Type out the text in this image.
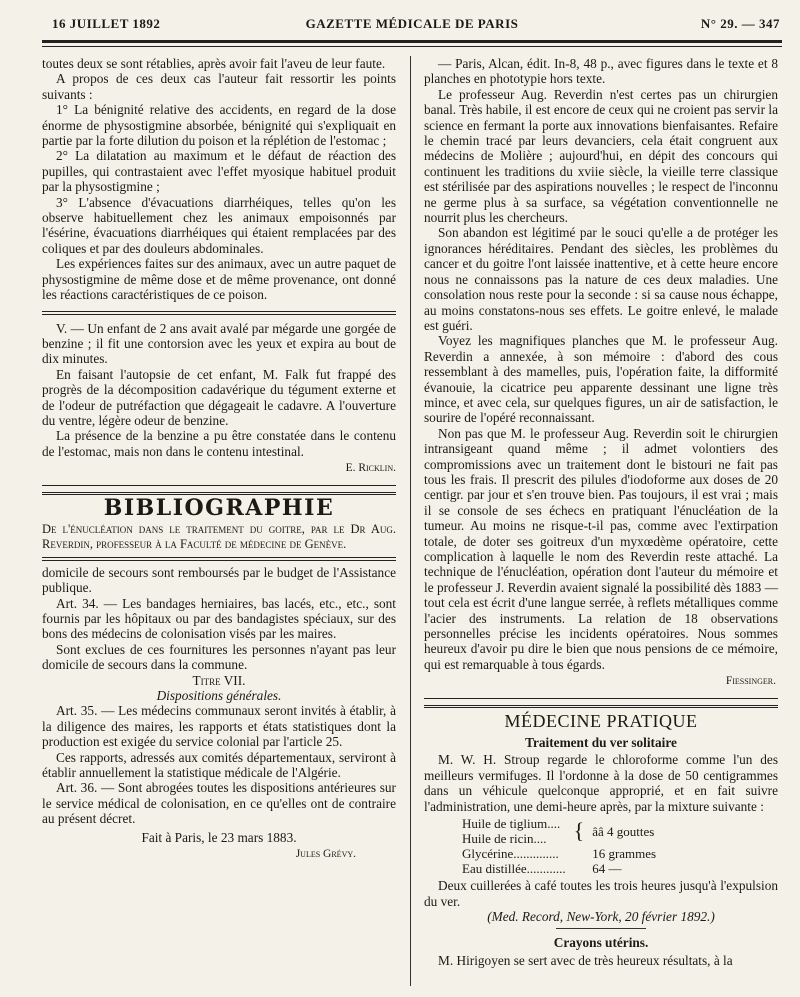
16 JUILLET 1892	GAZETTE MÉDICALE DE PARIS	N° 29. — 347

toutes deux se sont rétablies, après avoir fait l'aveu de leur faute.

A propos de ces deux cas l'auteur fait ressortir les points suivants :

1° La bénignité relative des accidents, en regard de la dose énorme de physostigmine absorbée, bénignité qui s'expliquait en partie par la forte dilution du poison et la réplétion de l'estomac ;

2° La dilatation au maximum et le défaut de réaction des pupilles, qui contrastaient avec l'effet myosique habituel produit par la physostigmine ;

3° L'absence d'évacuations diarrhéiques, telles qu'on les observe habituellement chez les animaux empoisonnés par l'ésérine, évacuations diarrhéiques qui étaient remplacées par des coliques et par des douleurs abdominales.

Les expériences faites sur des animaux, avec un autre paquet de physostigmine de même dose et de même provenance, ont donné les réactions caractéristiques de ce poison.

V. — Un enfant de 2 ans avait avalé par mégarde une gorgée de benzine ; il fit une contorsion avec les yeux et expira au bout de dix minutes.

En faisant l'autopsie de cet enfant, M. Falk fut frappé des progrès de la décomposition cadavérique du tégument externe et de l'odeur de putréfaction que dégageait le cadavre. A l'ouverture du ventre, légère odeur de benzine.

La présence de la benzine a pu être constatée dans le contenu de l'estomac, mais non dans le contenu intestinal.

E. Ricklin.
BIBLIOGRAPHIE

De l'énucléation dans le traitement du goitre, par le Dr Aug. Reverdin, professeur à la Faculté de médecine de Genève.

domicile de secours sont remboursés par le budget de l'Assistance publique.

Art. 34. — Les bandages herniaires, bas lacés, etc., etc., sont fournis par les hôpitaux ou par des bandagistes spéciaux, sur des bons des médecins de colonisation visés par les maires.

Sont exclues de ces fournitures les personnes n'ayant pas leur domicile de secours dans la commune.

Titre VII.

Dispositions générales.

Art. 35. — Les médecins communaux seront invités à établir, à la diligence des maires, les rapports et états statistiques dont la production est exigée du service colonial par l'article 25.

Ces rapports, adressés aux comités départementaux, serviront à établir annuellement la statistique médicale de l'Algérie.

Art. 36. — Sont abrogées toutes les dispositions antérieures sur le service médical de colonisation, en ce qu'elles ont de contraire au présent décret.

Fait à Paris, le 23 mars 1883.

Jules Grévy.

— Paris, Alcan, édit. In-8, 48 p., avec figures dans le texte et 8 planches en phototypie hors texte.

Le professeur Aug. Reverdin n'est certes pas un chirurgien banal. Très habile, il est encore de ceux qui ne croient pas servir la science en fermant la porte aux innovations bienfaisantes. Refaire le chemin tracé par leurs devanciers, cela était congruent aux médecins de Molière ; aujourd'hui, en dépit des concours qui continuent les traditions du xviie siècle, la vieille terre classique est stérilisée par des aspirations nouvelles ; le respect de l'inconnu ne germe plus à sa surface, sa végétation conventionnelle ne nourrit plus les chercheurs.

Son abandon est légitimé par le souci qu'elle a de protéger les ignorances héréditaires. Pendant des siècles, les problèmes du cancer et du goitre l'ont laissée inattentive, et à cette heure encore nous ne connaissons pas la nature de ces deux maladies. Une consolation nous reste pour la seconde : si sa cause nous échappe, au moins constatons-nous ses effets. Le goitre enlevé, le malade est guéri.

Voyez les magnifiques planches que M. le professeur Aug. Reverdin a annexée, à son mémoire : d'abord des cous ressemblant à des mamelles, puis, l'opération faite, la difformité évanouie, la cicatrice peu apparente dessinant une ligne très mince, et avec cela, sur quelques figures, un air de satisfaction, le sourire de l'opéré reconnaissant.

Non pas que M. le professeur Aug. Reverdin soit le chirurgien intransigeant quand même ; il admet volontiers des compromissions avec un traitement dont le bistouri ne fait pas tous les frais. Il prescrit des pilules d'iodoforme aux doses de 20 centigr. par jour et s'en trouve bien. Pas toujours, il est vrai ; mais il se console de ses échecs en pratiquant l'énucléation de la tumeur. Au moins ne risque-t-il pas, comme avec l'extirpation totale, de doter ses goitreux d'un myxœdème opératoire, cette complication à laquelle le nom des Reverdin reste attaché. La technique de l'énucléation, opération dont l'auteur du mémoire et le professeur J. Reverdin avaient signalé la possibilité dès 1883 — tout cela est écrit d'une langue serrée, à reflets métalliques comme l'acier des instruments. La relation de 18 observations personnelles précise les incidents opératoires. Nous sommes heureux d'avoir pu dire le bien que nous pensions de ce mémoire, qui est remarquable à tous égards.

Fiessinger.
MÉDECINE PRATIQUE

Traitement du ver solitaire

M. W. H. Stroup regarde le chloroforme comme l'un des meilleurs vermifuges. Il l'ordonne à la dose de 50 centigrammes dans un véhicule quelconque approprié, et en fait suivre l'administration, une demi-heure après, par la mixture suivante :

Huile de tiglium....	{	ââ 4 gouttes
Huile de ricin....		
Glycérine..............		16 grammes
Eau distillée............		64 —

Deux cuillerées à café toutes les trois heures jusqu'à l'expulsion du ver.

(Med. Record, New-York, 20 février 1892.)

Crayons utérins.

M. Hirigoyen se sert avec de très heureux résultats, à la
